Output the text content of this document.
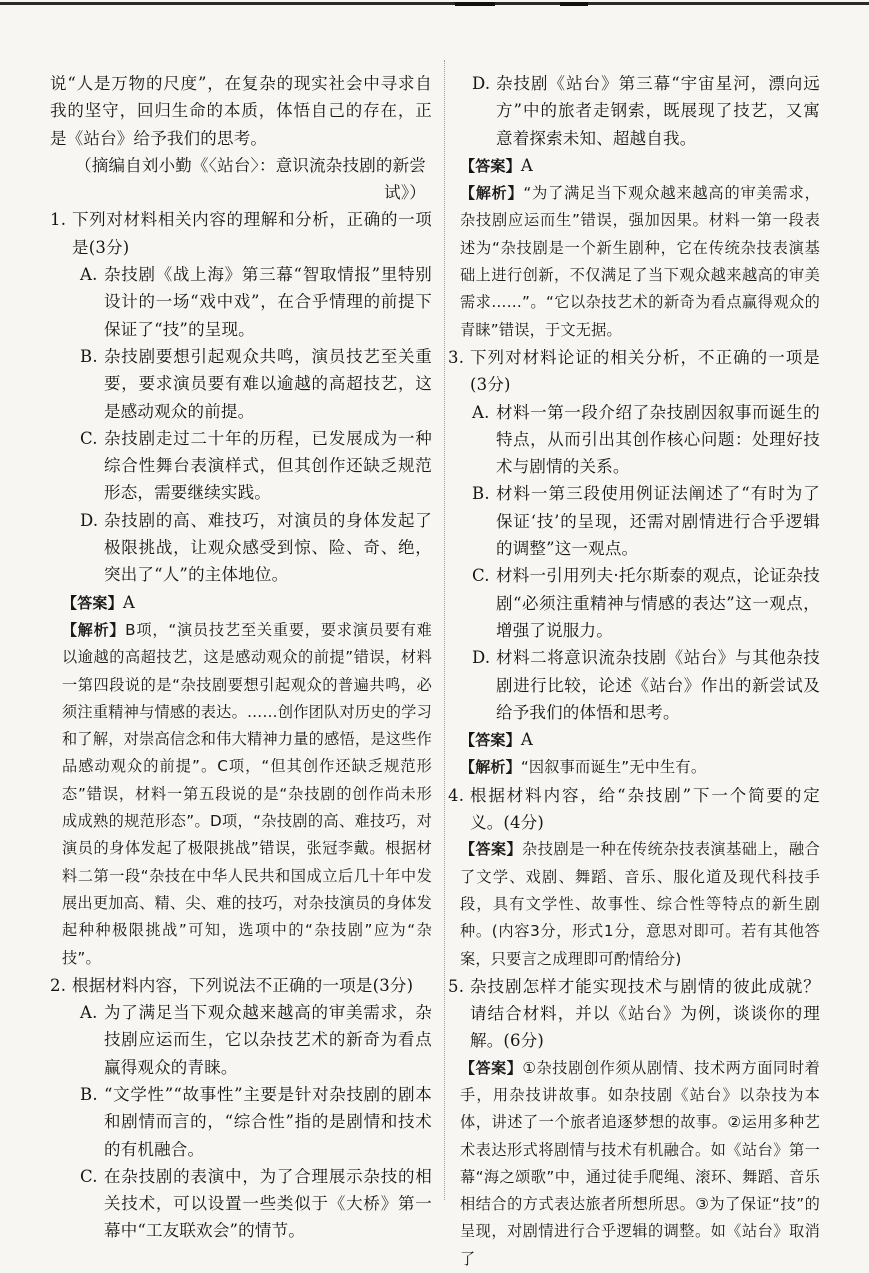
说“人是万物的尺度”，在复杂的现实社会中寻求自我的坚守，回归生命的本质，体悟自己的存在，正是《站台》给予我们的思考。

（摘编自刘小勤《〈站台〉：意识流杂技剧的新尝试》）

1. 下列对材料相关内容的理解和分析，正确的一项是(3分)
A. 杂技剧《战上海》第三幕“智取情报”里特别设计的一场“戏中戏”，在合乎情理的前提下保证了“技”的呈现。
B. 杂技剧要想引起观众共鸣，演员技艺至关重要，要求演员要有难以逾越的高超技艺，这是感动观众的前提。
C. 杂技剧走过二十年的历程，已发展成为一种综合性舞台表演样式，但其创作还缺乏规范形态，需要继续实践。
D. 杂技剧的高、难技巧，对演员的身体发起了极限挑战，让观众感受到惊、险、奇、绝，突出了“人”的主体地位。

【答案】A

【解析】B项，“演员技艺至关重要，要求演员要有难以逾越的高超技艺，这是感动观众的前提”错误，材料一第四段说的是“杂技剧要想引起观众的普遍共鸣，必须注重精神与情感的表达。……创作团队对历史的学习和了解，对崇高信念和伟大精神力量的感悟，是这些作品感动观众的前提”。C项，“但其创作还缺乏规范形态”错误，材料一第五段说的是“杂技剧的创作尚未形成成熟的规范形态”。D项，“杂技剧的高、难技巧，对演员的身体发起了极限挑战”错误，张冠李戴。根据材料二第一段“杂技在中华人民共和国成立后几十年中发展出更加高、精、尖、难的技巧，对杂技演员的身体发起种种极限挑战”可知，选项中的“杂技剧”应为“杂技”。

2. 根据材料内容，下列说法不正确的一项是(3分)
A. 为了满足当下观众越来越高的审美需求，杂技剧应运而生，它以杂技艺术的新奇为看点赢得观众的青睐。
B. “文学性”“故事性”主要是针对杂技剧的剧本和剧情而言的，“综合性”指的是剧情和技术的有机融合。
C. 在杂技剧的表演中，为了合理展示杂技的相关技术，可以设置一些类似于《大桥》第一幕中“工友联欢会”的情节。
D. 杂技剧《站台》第三幕“宇宙星河，漂向远方”中的旅者走钢索，既展现了技艺，又寓意着探索未知、超越自我。

【答案】A

【解析】“为了满足当下观众越来越高的审美需求，杂技剧应运而生”错误，强加因果。材料一第一段表述为“杂技剧是一个新生剧种，它在传统杂技表演基础上进行创新，不仅满足了当下观众越来越高的审美需求……”。“它以杂技艺术的新奇为看点赢得观众的青睐”错误，于文无据。

3. 下列对材料论证的相关分析，不正确的一项是(3分)
A. 材料一第一段介绍了杂技剧因叙事而诞生的特点，从而引出其创作核心问题：处理好技术与剧情的关系。
B. 材料一第三段使用例证法阐述了“有时为了保证‘技’的呈现，还需对剧情进行合乎逻辑的调整”这一观点。
C. 材料一引用列夫·托尔斯泰的观点，论证杂技剧“必须注重精神与情感的表达”这一观点，增强了说服力。
D. 材料二将意识流杂技剧《站台》与其他杂技剧进行比较，论述《站台》作出的新尝试及给予我们的体悟和思考。

【答案】A

【解析】“因叙事而诞生”无中生有。

4. 根据材料内容，给“杂技剧”下一个简要的定义。(4分)

【答案】杂技剧是一种在传统杂技表演基础上，融合了文学、戏剧、舞蹈、音乐、服化道及现代科技手段，具有文学性、故事性、综合性等特点的新生剧种。(内容3分，形式1分，意思对即可。若有其他答案，只要言之成理即可酌情给分)

5. 杂技剧怎样才能实现技术与剧情的彼此成就？请结合材料，并以《站台》为例，谈谈你的理解。(6分)

【答案】①杂技剧创作须从剧情、技术两方面同时着手，用杂技讲故事。如杂技剧《站台》以杂技为本体，讲述了一个旅者追逐梦想的故事。②运用多种艺术表达形式将剧情与技术有机融合。如《站台》第一幕“海之颂歌”中，通过徒手爬绳、滚环、舞蹈、音乐相结合的方式表达旅者所想所思。③为了保证“技”的呈现，对剧情进行合乎逻辑的调整。如《站台》取消了
